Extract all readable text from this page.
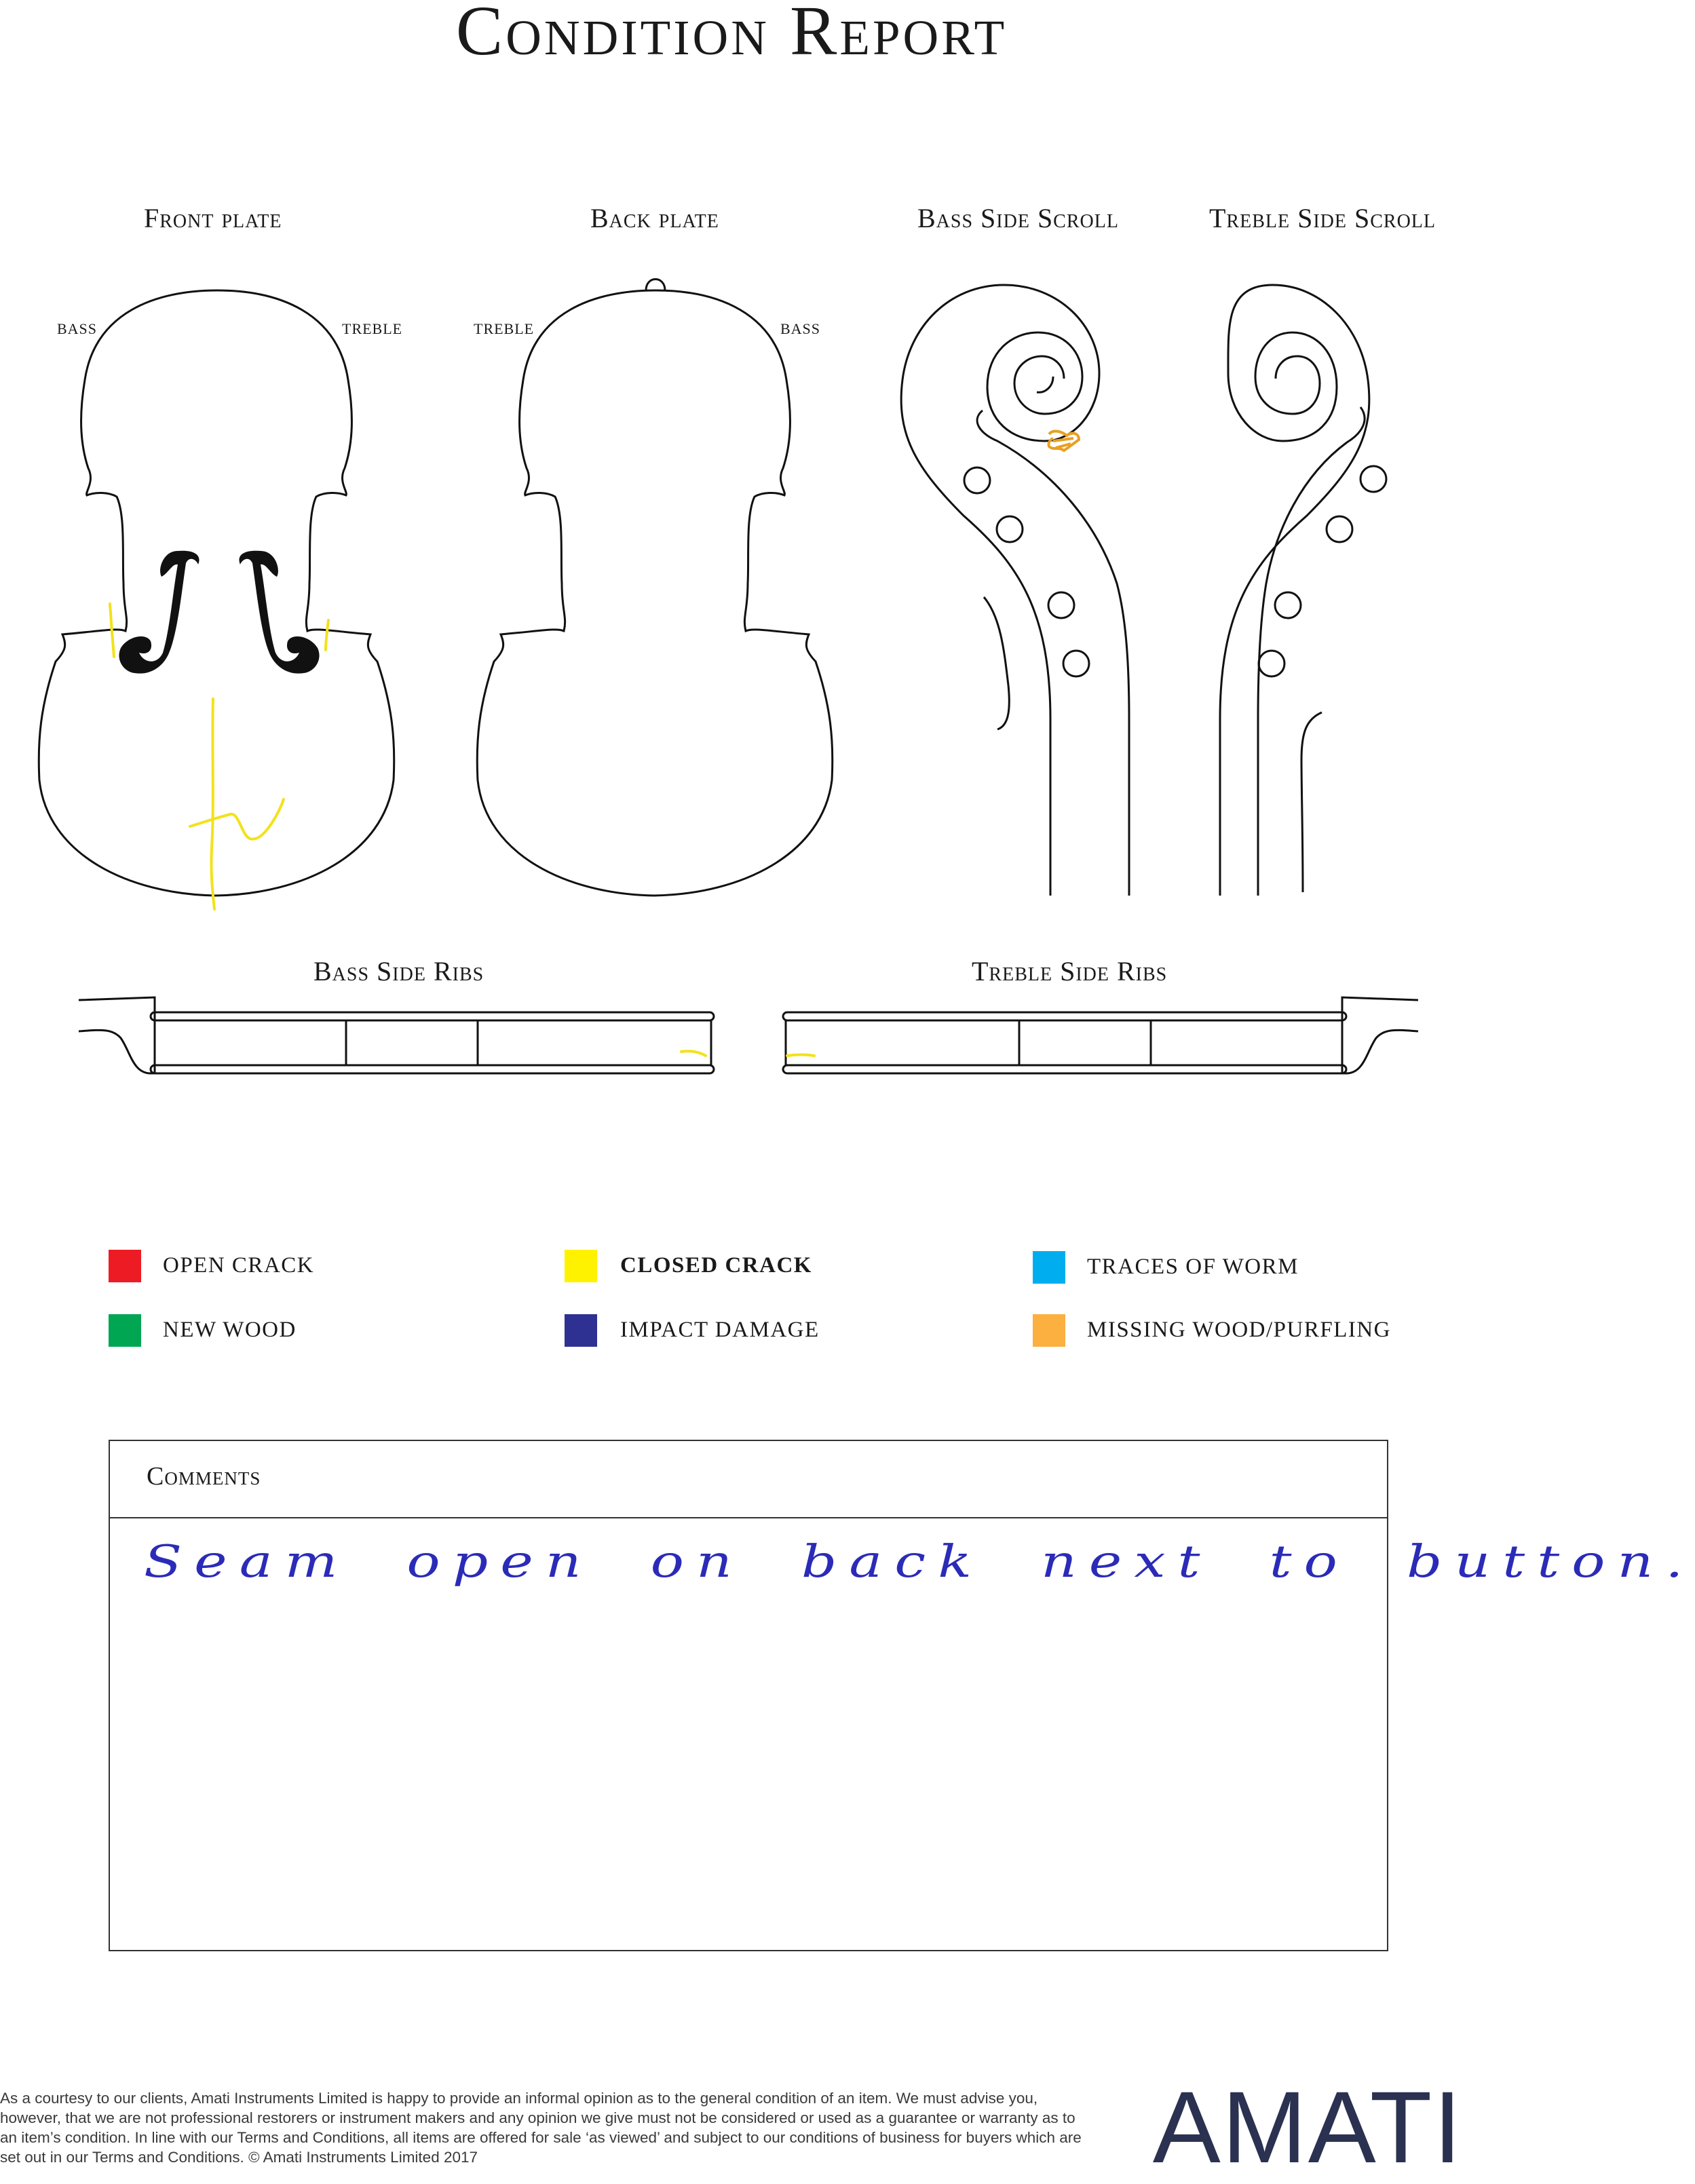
Condition Report
Front plate	Back plate	Bass Side Scroll	Treble Side Scroll
Bass Side Ribs	Treble Side Ribs
BASS	TREBLE	TREBLE	BASS
OPEN CRACK	CLOSED CRACK	TRACES OF WORM
NEW WOOD	IMPACT DAMAGE	MISSING WOOD/PURFLING
Comments
Seam open on back next to button.
As a courtesy to our clients, Amati Instruments Limited is happy to provide an informal opinion as to the general condition of an item. We must advise you, however, that we are not professional restorers or instrument makers and any opinion we give must not be considered or used as a guarantee or warranty as to an item’s condition. In line with our Terms and Conditions, all items are offered for sale ‘as viewed’ and subject to our conditions of business for buyers which are set out in our Terms and Conditions. © Amati Instruments Limited 2017	AMATI
